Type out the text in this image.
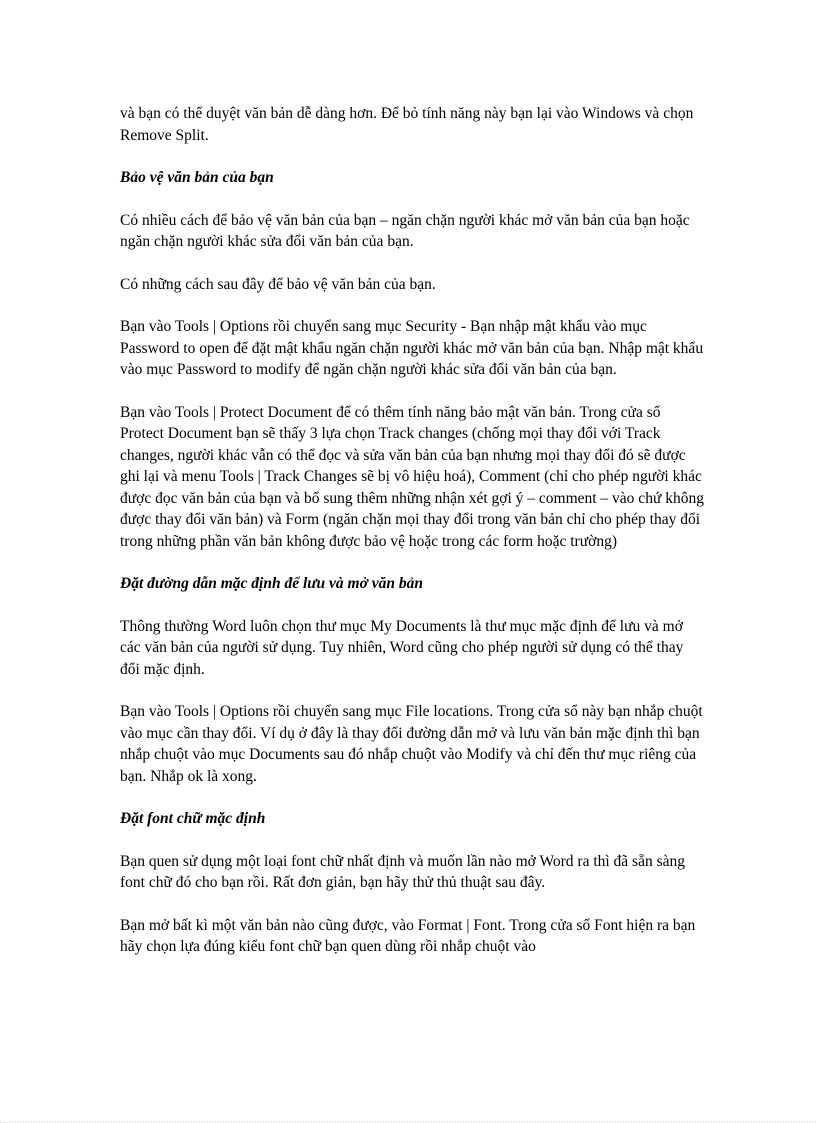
và bạn có thể duyệt văn bản dễ dàng hơn. Để bỏ tính năng này bạn lại vào Windows và chọn Remove Split.

Bảo vệ văn bản của bạn

Có nhiều cách để bảo vệ văn bản của bạn – ngăn chặn người khác mở văn bản của bạn hoặc ngăn chặn người khác sửa đổi văn bản của bạn.

Có những cách sau đây để bảo vệ văn bản của bạn.

Bạn vào Tools | Options rồi chuyển sang mục Security - Bạn nhập mật khẩu vào mục Password to open để đặt mật khẩu ngăn chặn người khác mở văn bản của bạn. Nhập mật khẩu vào mục Password to modify để ngăn chặn người khác sửa đổi văn bản của bạn.

Bạn vào Tools | Protect Document để có thêm tính năng bảo mật văn bản. Trong cửa sổ Protect Document bạn sẽ thấy 3 lựa chọn Track changes (chống mọi thay đổi với Track changes, người khác vẫn có thể đọc và sửa văn bản của bạn nhưng mọi thay đổi đó sẽ được ghi lại và menu Tools | Track Changes sẽ bị vô hiệu hoá), Comment (chỉ cho phép người khác được đọc văn bản của bạn và bổ sung thêm những nhận xét gợi ý – comment – vào chứ không được thay đổi văn bản) và Form (ngăn chặn mọi thay đổi trong văn bản chỉ cho phép thay đổi trong những phần văn bản không được bảo vệ hoặc trong các form hoặc trường)

Đặt đường dẫn mặc định để lưu và mở văn bản

Thông thường Word luôn chọn thư mục My Documents là thư mục mặc định để lưu và mở các văn bản của người sử dụng. Tuy nhiên, Word cũng cho phép người sử dụng có thể thay đổi mặc định.

Bạn vào Tools | Options rồi chuyển sang mục File locations. Trong cửa sổ này bạn nhắp chuột vào mục cần thay đổi. Ví dụ ở đây là thay đổi đường dẫn mở và lưu văn bản mặc định thì bạn nhắp chuột vào mục Documents sau đó nhắp chuột vào Modify và chỉ đến thư mục riêng của bạn. Nhắp ok là xong.

Đặt font chữ mặc định

Bạn quen sử dụng một loại font chữ nhất định và muốn lần nào mở Word ra thì đã sẵn sàng font chữ đó cho bạn rồi. Rất đơn giản, bạn hãy thử thủ thuật sau đây.

Bạn mở bất kì một văn bản nào cũng được, vào Format | Font. Trong cửa sổ Font hiện ra bạn hãy chọn lựa đúng kiểu font chữ bạn quen dùng rồi nhắp chuột vào
